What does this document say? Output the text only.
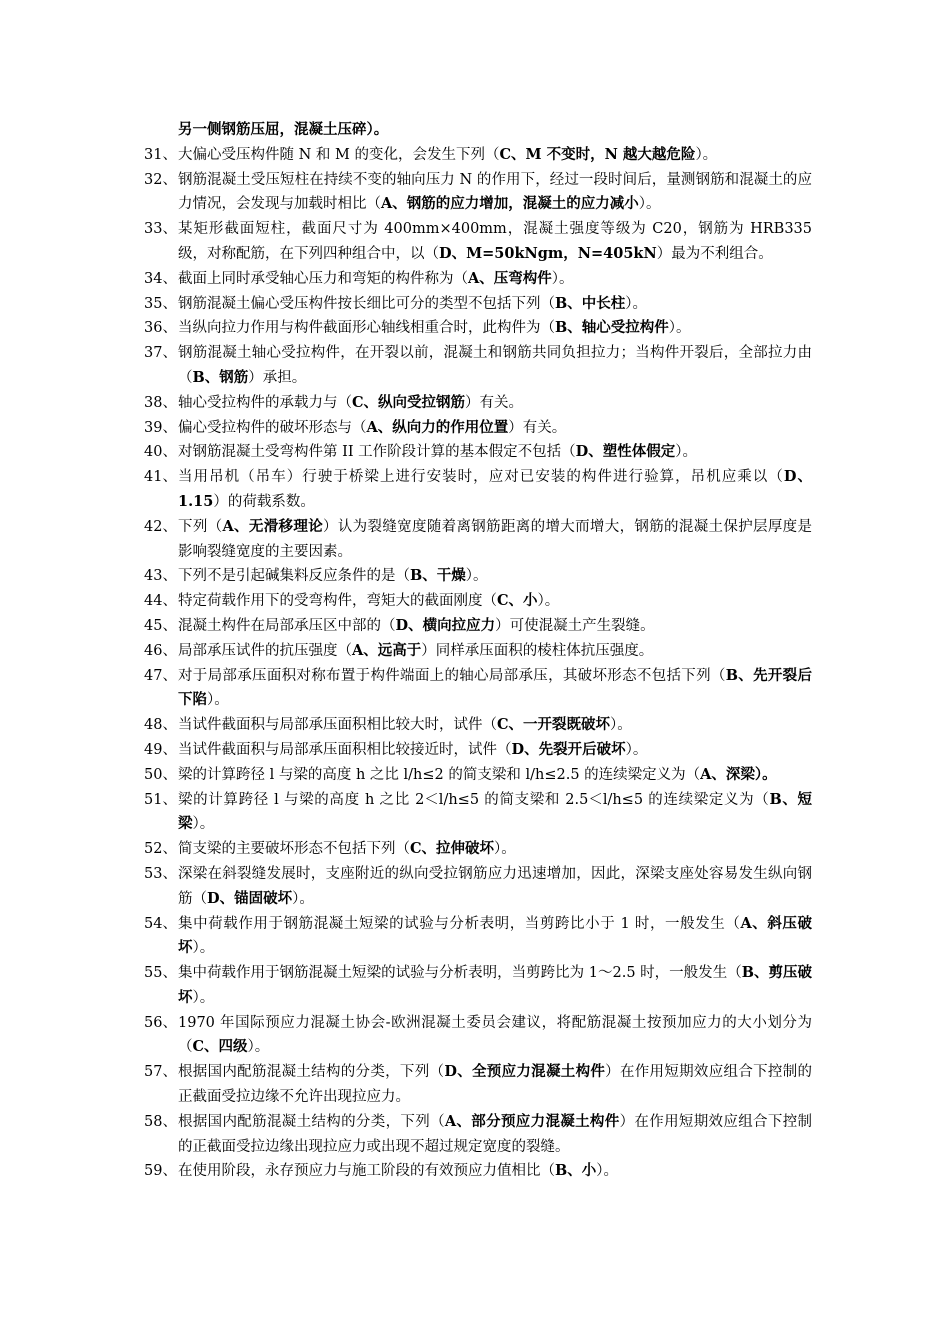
另一侧钢筋压屈，混凝土压碎）。
31、 大偏心受压构件随 N 和 M 的变化，会发生下列（C、M 不变时，N 越大越危险）。
32、 钢筋混凝土受压短柱在持续不变的轴向压力 N 的作用下，经过一段时间后，量测钢筋和混凝土的应力情况，会发现与加载时相比（A、钢筋的应力增加，混凝土的应力减小）。
33、 某矩形截面短柱，截面尺寸为 400mm×400mm，混凝土强度等级为 C20，钢筋为 HRB335 级，对称配筋，在下列四种组合中，以（D、M=50kNgm，N=405kN）最为不利组合。
34、 截面上同时承受轴心压力和弯矩的构件称为（A、压弯构件）。
35、 钢筋混凝土偏心受压构件按长细比可分的类型不包括下列（B、中长柱）。
36、 当纵向拉力作用与构件截面形心轴线相重合时，此构件为（B、轴心受拉构件）。
37、 钢筋混凝土轴心受拉构件，在开裂以前，混凝土和钢筋共同负担拉力；当构件开裂后，全部拉力由（B、钢筋）承担。
38、 轴心受拉构件的承载力与（C、纵向受拉钢筋）有关。
39、 偏心受拉构件的破坏形态与（A、纵向力的作用位置）有关。
40、 对钢筋混凝土受弯构件第 II 工作阶段计算的基本假定不包括（D、塑性体假定）。
41、 当用吊机（吊车）行驶于桥梁上进行安装时，应对已安装的构件进行验算，吊机应乘以（D、1.15）的荷载系数。
42、 下列（A、无滑移理论）认为裂缝宽度随着离钢筋距离的增大而增大，钢筋的混凝土保护层厚度是影响裂缝宽度的主要因素。
43、 下列不是引起碱集料反应条件的是（B、干燥）。
44、 特定荷载作用下的受弯构件，弯矩大的截面刚度（C、小）。
45、 混凝土构件在局部承压区中部的（D、横向拉应力）可使混凝土产生裂缝。
46、 局部承压试件的抗压强度（A、远高于）同样承压面积的棱柱体抗压强度。
47、 对于局部承压面积对称布置于构件端面上的轴心局部承压，其破坏形态不包括下列（B、先开裂后下陷）。
48、 当试件截面积与局部承压面积相比较大时，试件（C、一开裂既破坏）。
49、 当试件截面积与局部承压面积相比较接近时，试件（D、先裂开后破坏）。
50、 梁的计算跨径 l 与梁的高度 h 之比 l/h≤2 的简支梁和 l/h≤2.5 的连续梁定义为（A、深梁）。
51、 梁的计算跨径 l 与梁的高度 h 之比 2＜l/h≤5 的简支梁和 2.5＜l/h≤5 的连续梁定义为（B、短梁）。
52、 简支梁的主要破坏形态不包括下列（C、拉伸破坏）。
53、 深梁在斜裂缝发展时，支座附近的纵向受拉钢筋应力迅速增加，因此，深梁支座处容易发生纵向钢筋（D、锚固破坏）。
54、 集中荷载作用于钢筋混凝土短梁的试验与分析表明，当剪跨比小于 1 时，一般发生（A、斜压破坏）。
55、 集中荷载作用于钢筋混凝土短梁的试验与分析表明，当剪跨比为 1～2.5 时，一般发生（B、剪压破坏）。
56、 1970 年国际预应力混凝土协会-欧洲混凝土委员会建议，将配筋混凝土按预加应力的大小划分为（C、四级）。
57、 根据国内配筋混凝土结构的分类，下列（D、全预应力混凝土构件）在作用短期效应组合下控制的正截面受拉边缘不允许出现拉应力。
58、 根据国内配筋混凝土结构的分类，下列（A、部分预应力混凝土构件）在作用短期效应组合下控制的正截面受拉边缘出现拉应力或出现不超过规定宽度的裂缝。
59、 在使用阶段，永存预应力与施工阶段的有效预应力值相比（B、小）。
